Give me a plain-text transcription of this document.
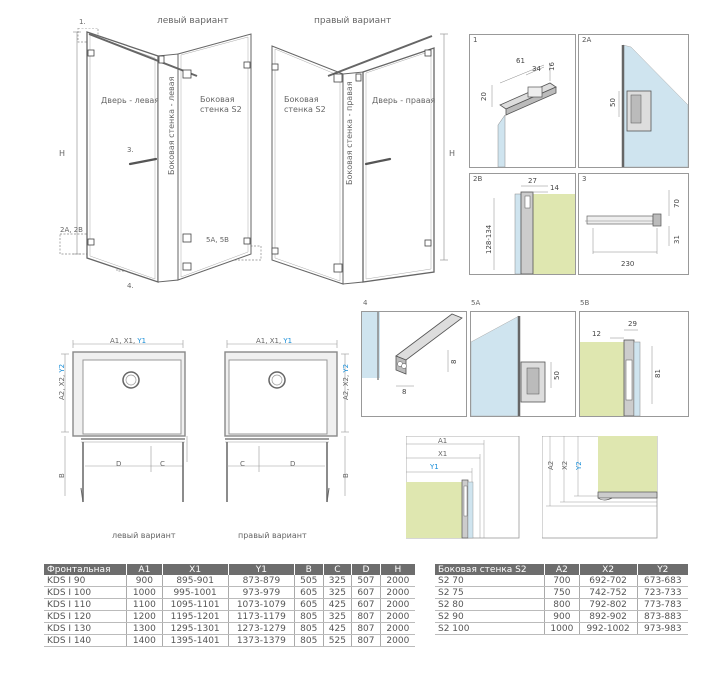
левый вариант	правый вариант
1.
Дверь - левая Боковая стенка - левая	Боковая стенка S2
3.
2A, 2B
4.
5A, 5B
H
Боковая стенка S2	Боковая стенка - правая Дверь - правая
H
1
61
34 16
20
2A
50
2B	27
14
128-134
3
230
70
31
A1, X1, Y1
A2, X2, Y2
D	C
B
левый вариант
A1, X1, Y1
A2, X2, Y2
C	D
B
правый вариант
8
8
4
50
5A
12
29
81
5B
A1
X1
Y1	A2 X2 Y2
Фронтальная	A1	X1	Y1	B	C	D	H
KDS I 90	900	895-901	873-879	505	325	507	2000
KDS I 100	1000	995-1001	973-979	605	325	607	2000
KDS I 110	1100	1095-1101	1073-1079	605	425	607	2000
KDS I 120	1200	1195-1201	1173-1179	805	325	807	2000
KDS I 130	1300	1295-1301	1273-1279	805	425	807	2000
KDS I 140	1400	1395-1401	1373-1379	805	525	807	2000
Боковая стенка S2	A2	X2	Y2
S2 70	700	692-702	673-683
S2 75	750	742-752	723-733
S2 80	800	792-802	773-783
S2 90	900	892-902	873-883
S2 100	1000	992-1002	973-983
